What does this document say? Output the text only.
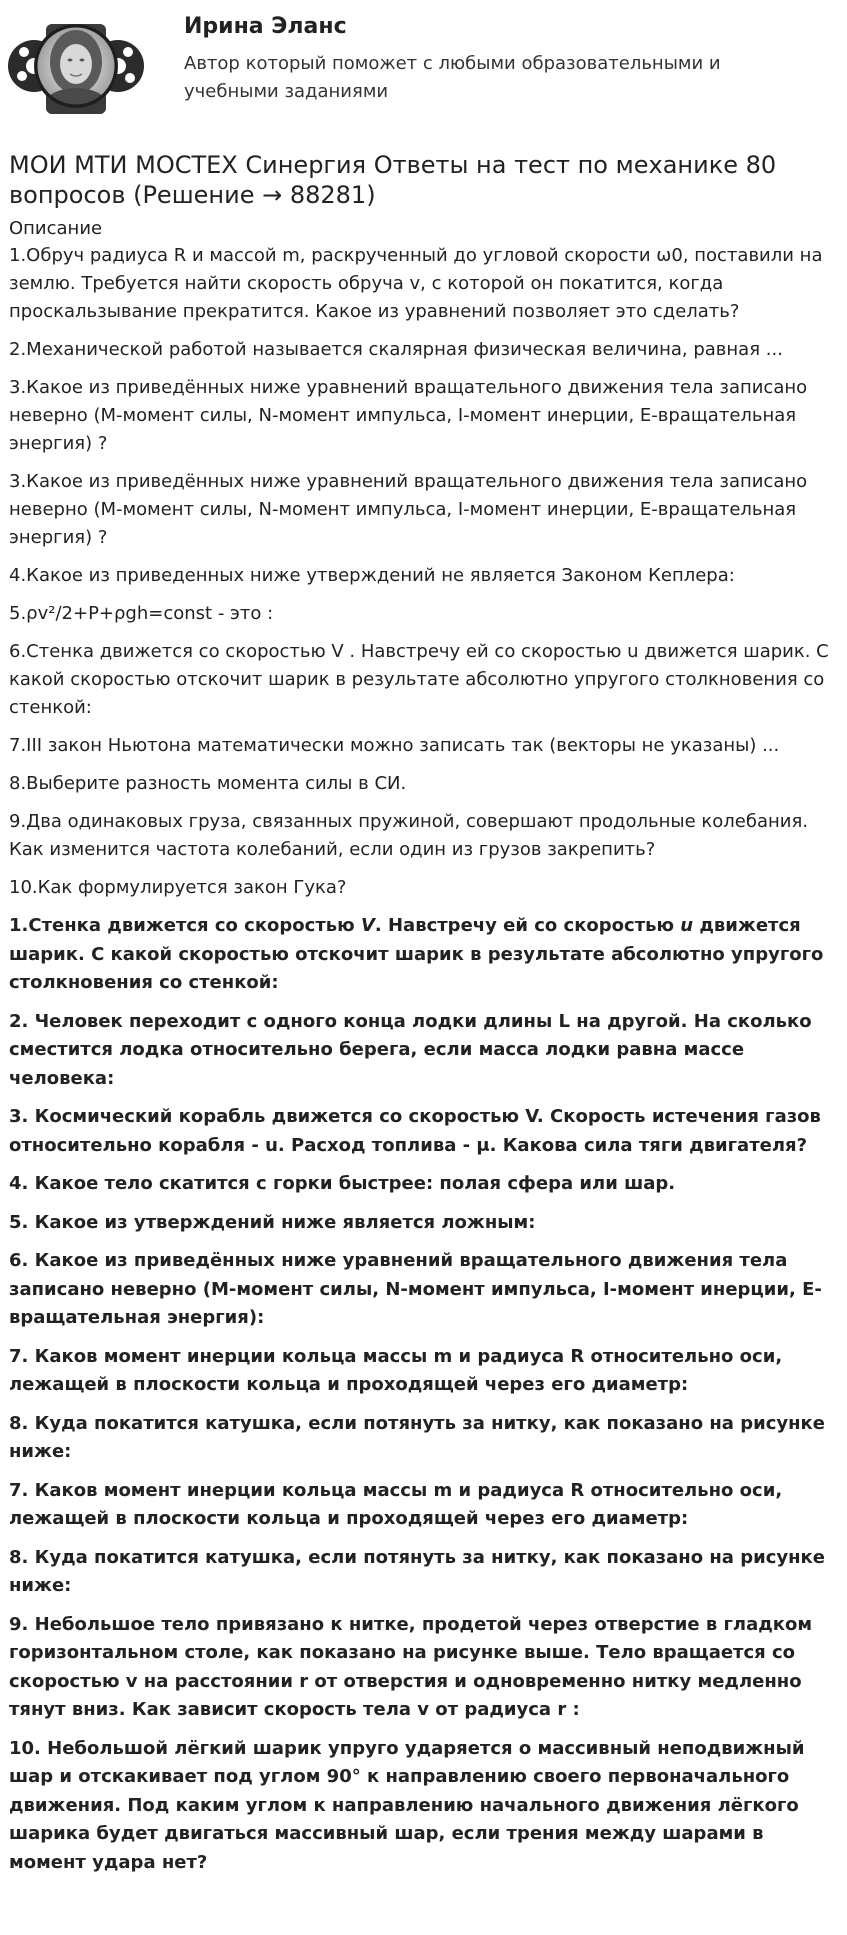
Ирина Эланс
Автор который поможет с любыми образовательными и учебными заданиями
МОИ МТИ МОСТЕХ Синергия Ответы на тест по механике 80 вопросов (Решение → 88281)
Описание

1.Обруч радиуса R и массой m, раскрученный до угловой скорости ω0, поставили на землю. Требуется найти скорость обруча v, с которой он покатится, когда проскальзывание прекратится. Какое из уравнений позволяет это сделать?

2.Механической работой называется скалярная физическая величина, равная ...

3.Какое из приведённых ниже уравнений вращательного движения тела записано неверно (M-момент силы, N-момент импульса, I-момент инерции, E-вращательная энергия) ?

3.Какое из приведённых ниже уравнений вращательного движения тела записано неверно (M-момент силы, N-момент импульса, I-момент инерции, E-вращательная энергия) ?

4.Какое из приведенных ниже утверждений не является Законом Кеплера:

5.ρv²/2+P+ρgh=const - это :

6.Стенка движется со скоростью V . Навстречу ей со скоростью u движется шарик. С какой скоростью отскочит шарик в результате абсолютно упругого столкновения со стенкой:

7.III закон Ньютона математически можно записать так (векторы не указаны) ...

8.Выберите разность момента силы в СИ.

9.Два одинаковых груза, связанных пружиной, совершают продольные колебания. Как изменится частота колебаний, если один из грузов закрепить?

10.Как формулируется закон Гука?

1.Стенка движется со скоростью V. Навстречу ей со скоростью u движется шарик. С какой скоростью отскочит шарик в результате абсолютно упругого столкновения со стенкой:

2. Человек переходит с одного конца лодки длины L на другой. На сколько сместится лодка относительно берега, если масса лодки равна массе человека:

3. Космический корабль движется со скоростью V. Скорость истечения газов относительно корабля - u. Расход топлива - μ. Какова сила тяги двигателя?

4. Какое тело скатится с горки быстрее: полая сфера или шар.

5. Какое из утверждений ниже является ложным:

6. Какое из приведённых ниже уравнений вращательного движения тела записано неверно (M-момент силы, N-момент импульса, I-момент инерции, E-вращательная энергия):

7. Каков момент инерции кольца массы m и радиуса R относительно оси, лежащей в плоскости кольца и проходящей через его диаметр:

8. Куда покатится катушка, если потянуть за нитку, как показано на рисунке ниже:

7. Каков момент инерции кольца массы m и радиуса R относительно оси, лежащей в плоскости кольца и проходящей через его диаметр:

8. Куда покатится катушка, если потянуть за нитку, как показано на рисунке ниже:

9. Небольшое тело привязано к нитке, продетой через отверстие в гладком горизонтальном столе, как показано на рисунке выше. Тело вращается со скоростью v на расстоянии r от отверстия и одновременно нитку медленно тянут вниз. Как зависит скорость тела v от радиуса r :

10. Небольшой лёгкий шарик упруго ударяется о массивный неподвижный шар и отскакивает под углом 90° к направлению своего первоначального движения. Под каким углом к направлению начального движения лёгкого шарика будет двигаться массивный шар, если трения между шарами в момент удара нет?
